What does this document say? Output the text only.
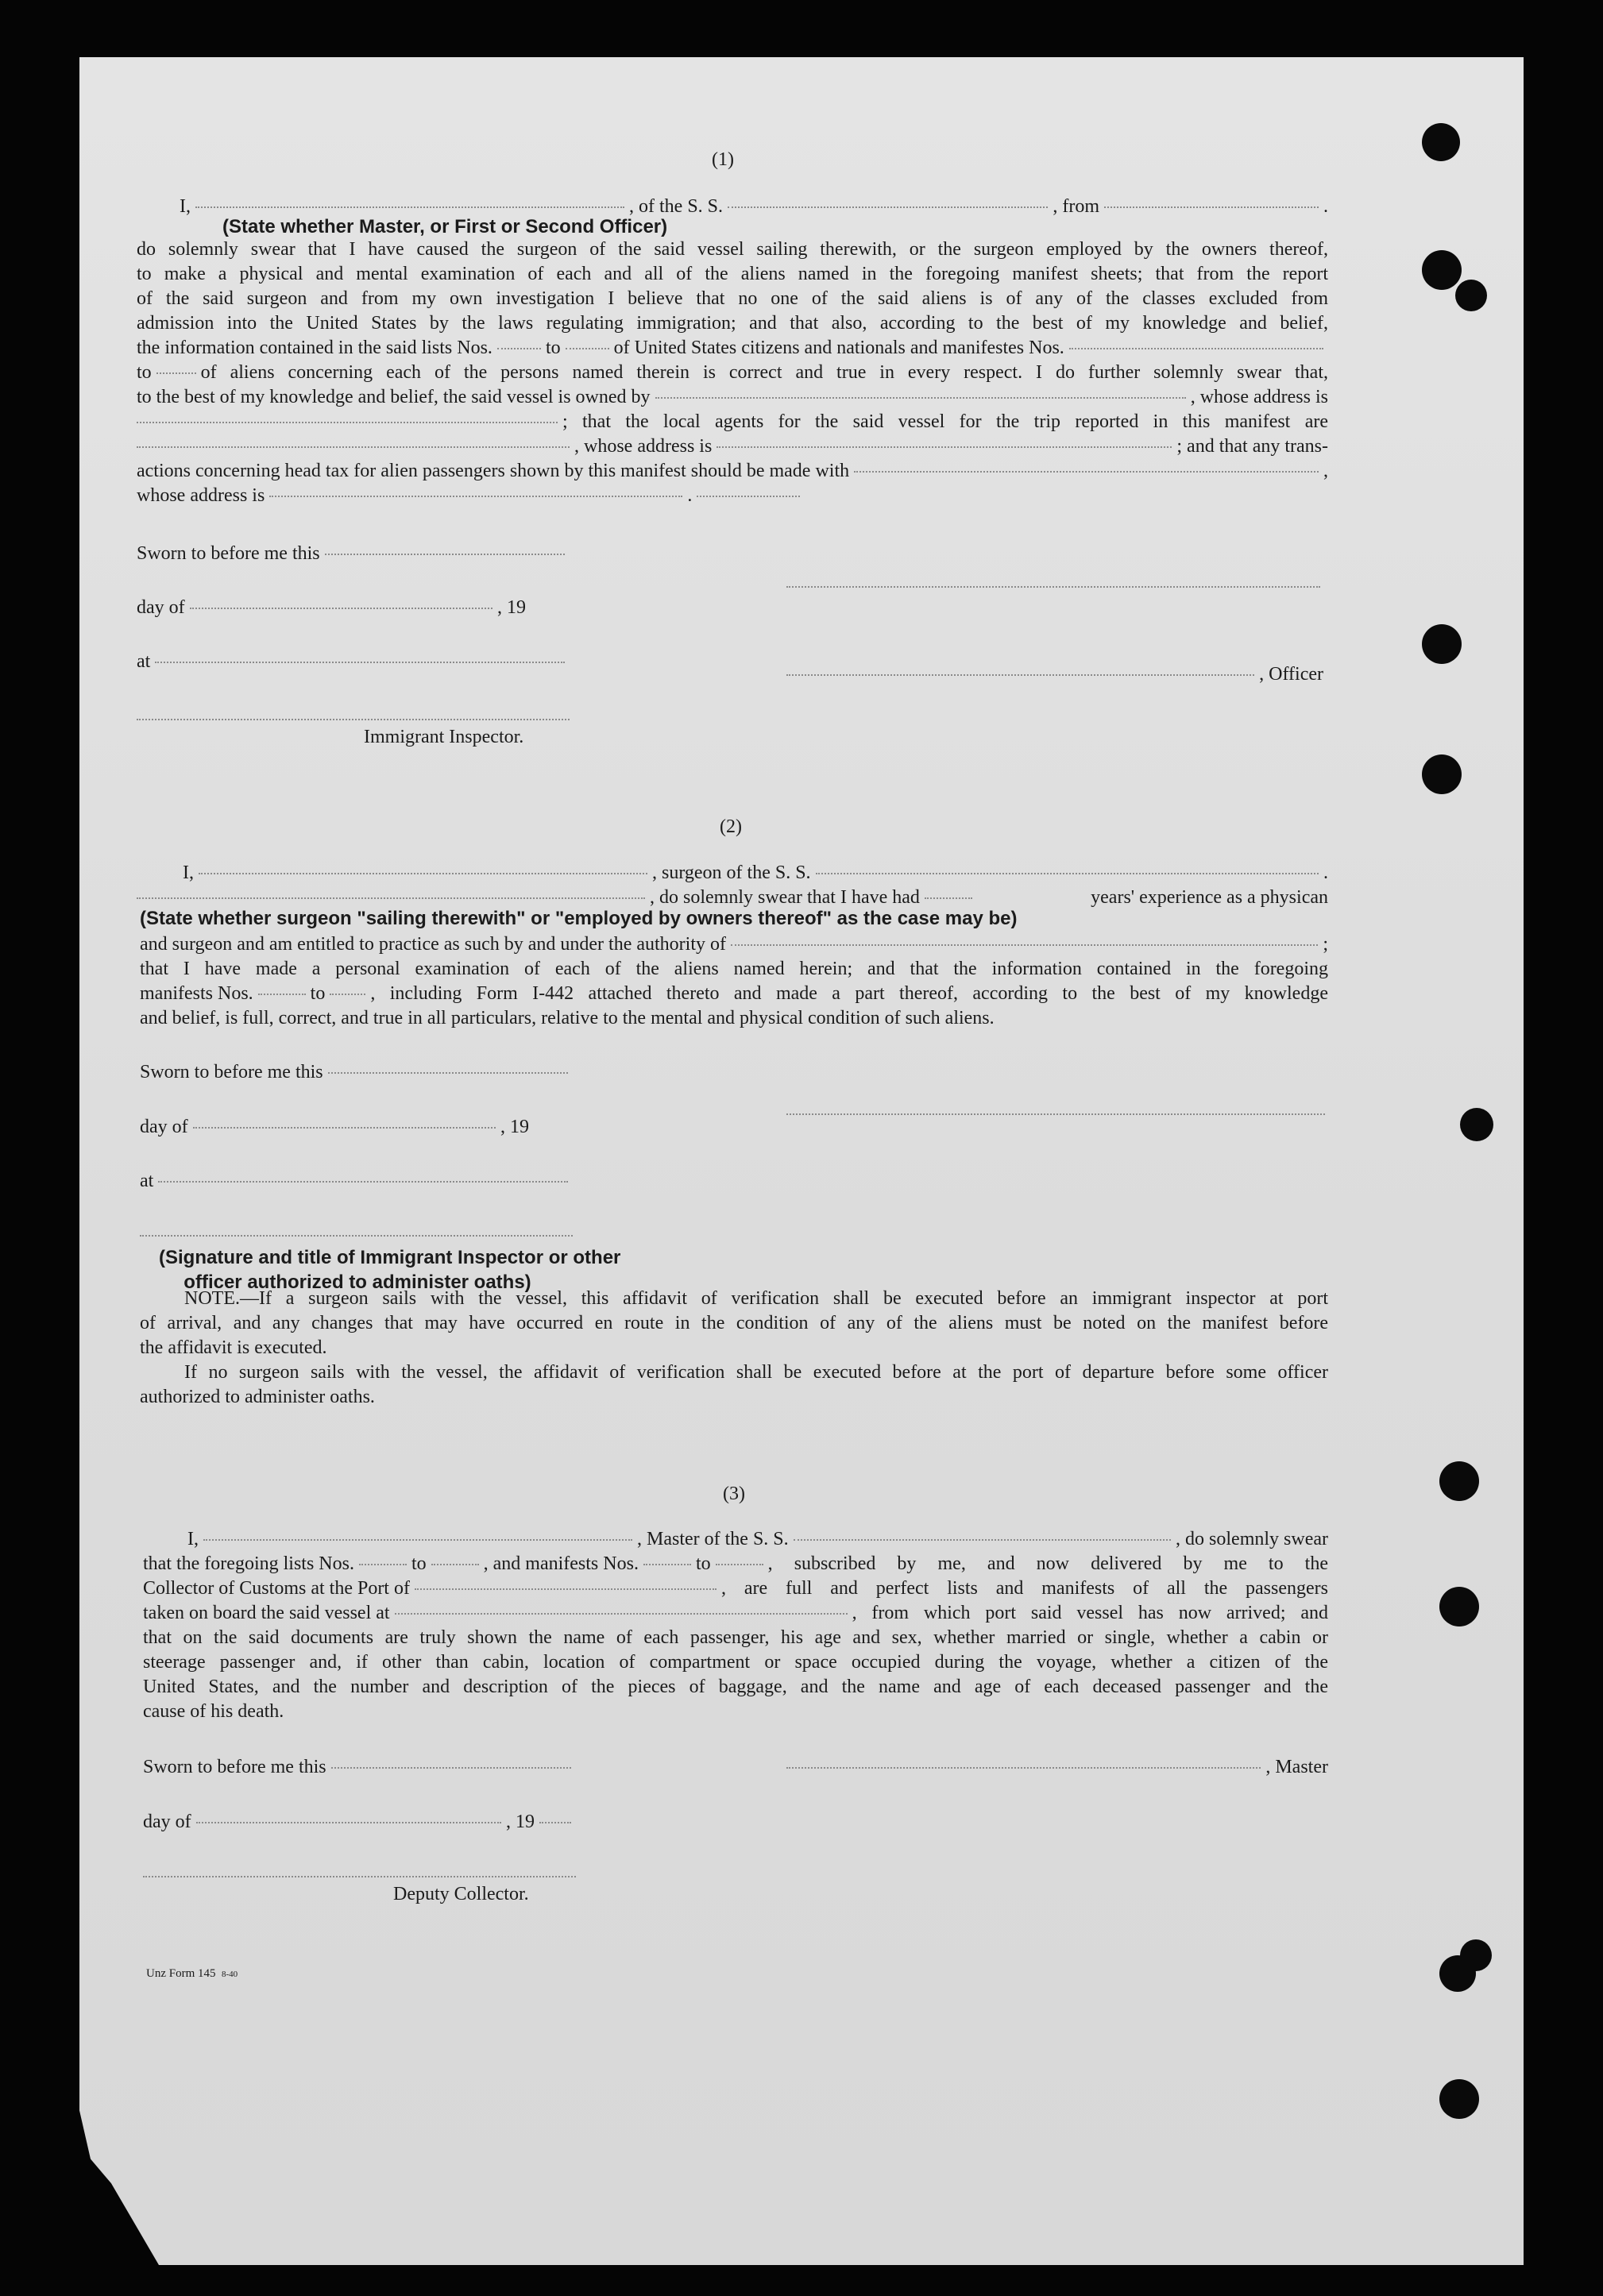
(1)
I,	, of the S. S.	, from	.
(State whether Master, or First or Second Officer)
do solemnly swear that I have caused the surgeon of the said vessel sailing therewith, or the surgeon employed by the owners thereof,
to make a physical and mental examination of each and all of the aliens named in the foregoing manifest sheets; that from the report
of the said surgeon and from my own investigation I believe that no one of the said aliens is of any of the classes excluded from
admission into the United States by the laws regulating immigration; and that also, according to the best of my knowledge and belief,
the information contained in the said lists Nos.	to	of United States citizens and nationals and manifestes Nos.
to	of aliens concerning each of the persons named therein is correct and true in every respect. I do further solemnly swear that,
to the best of my knowledge and belief, the said vessel is owned by	, whose address is
; that the local agents for the said vessel for the trip reported in this manifest are
, whose address is	; and that any trans-
actions concerning head tax for alien passengers shown by this manifest should be made with	,
whose address is	.
Sworn to before me this
day of	, 19
at
, Officer
Immigrant Inspector.
(2)
I,	, surgeon of the S. S.	.
, do solemnly swear that I have had	years' experience as a physican
(State whether surgeon "sailing therewith" or "employed by owners thereof" as the case may be)
and surgeon and am entitled to practice as such by and under the authority of	;
that I have made a personal examination of each of the aliens named herein; and that the information contained in the foregoing
manifests Nos.	to , including Form I-442 attached thereto and made a part thereof, according to the best of my knowledge
and belief, is full, correct, and true in all particulars, relative to the mental and physical condition of such aliens.
Sworn to before me this
day of	, 19
at
(Signature and title of Immigrant Inspector or other
officer authorized to administer oaths)
NOTE.—If a surgeon sails with the vessel, this affidavit of verification shall be executed before an immigrant inspector at port
of arrival, and any changes that may have occurred en route in the condition of any of the aliens must be noted on the manifest before
the affidavit is executed.
If no surgeon sails with the vessel, the affidavit of verification shall be executed before at the port of departure before some officer
authorized to administer oaths.
(3)
I,	, Master of the S. S.	, do solemnly swear
that the foregoing lists Nos.	to	, and manifests Nos.	to	, subscribed by me, and now delivered by me to the
Collector of Customs at the Port of	, are full and perfect lists and manifests of all the passengers
taken on board the said vessel at	, from which port said vessel has now arrived; and
that on the said documents are truly shown the name of each passenger, his age and sex, whether married or single, whether a cabin or
steerage passenger and, if other than cabin, location of compartment or space occupied during the voyage, whether a citizen of the
United States, and the number and description of the pieces of baggage, and the name and age of each deceased passenger and the
cause of his death.
Sworn to before me this	, Master
day of	, 19
Deputy Collector.
Unz Form 145 8-40
